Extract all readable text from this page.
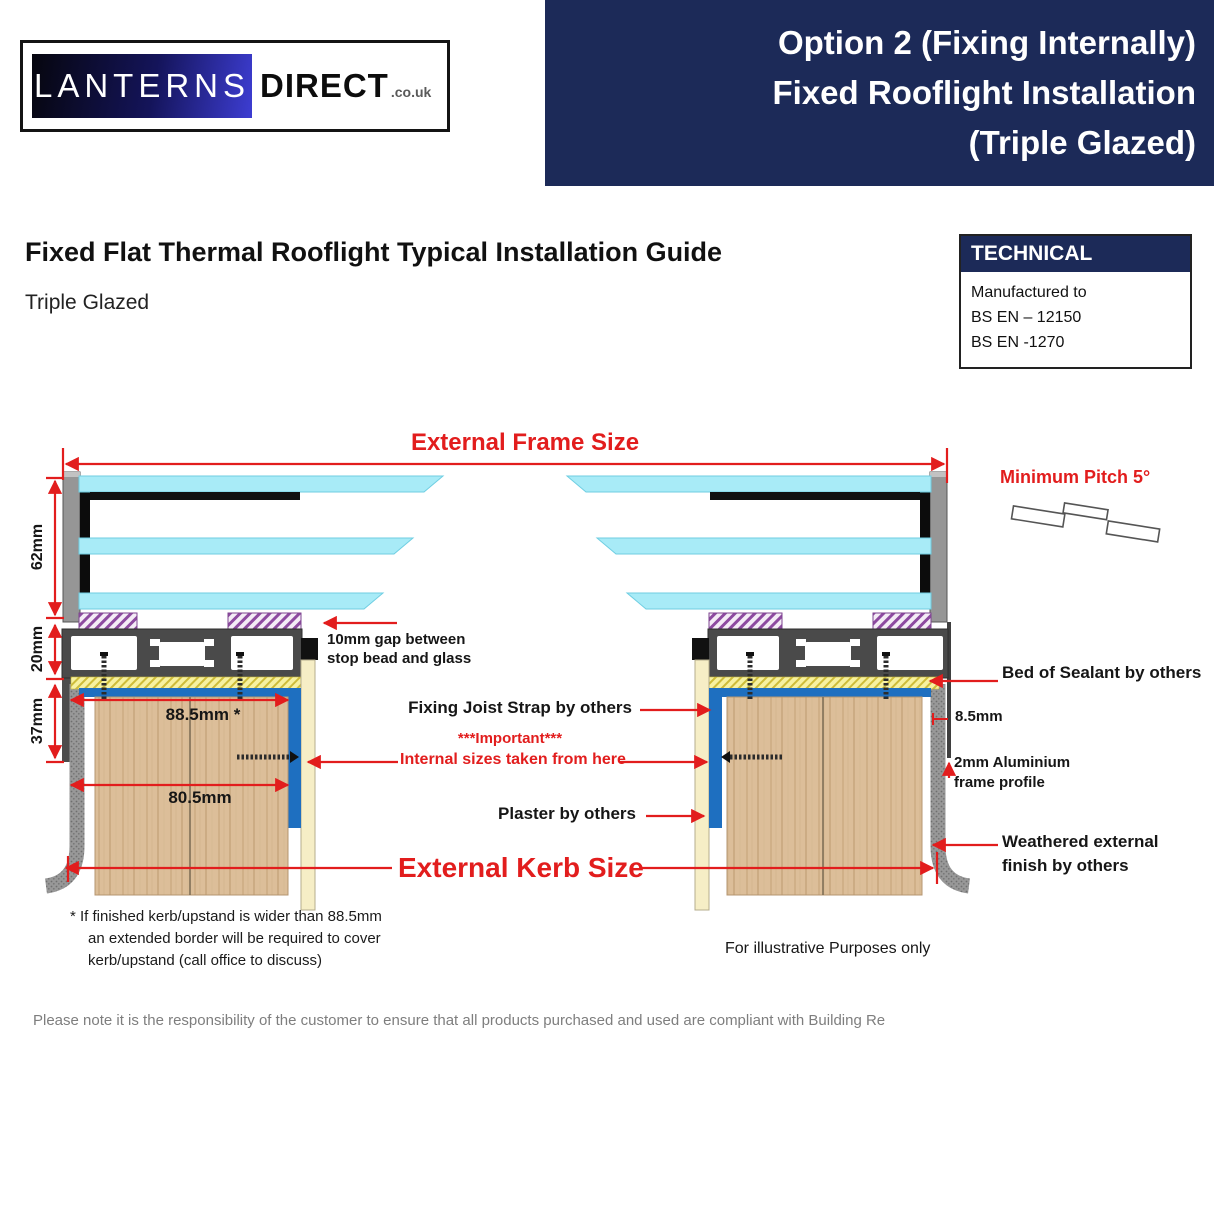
Option 2 (Fixing Internally)
Fixed Rooflight Installation
(Triple Glazed)
LANTERNS DIRECT .co.uk
Fixed Flat Thermal Rooflight Typical Installation Guide
Triple Glazed
TECHNICAL
Manufactured to
BS EN – 12150
BS EN -1270
External Frame Size
Minimum Pitch 5°
62mm
20mm
37mm	88.5mm *
80.5mm
10mm gap between
stop bead and glass
Fixing Joist Strap by others
***Important***
Internal sizes taken from here
Plaster by others
External Kerb Size
Bed of Sealant by others
8.5mm
2mm Aluminium
frame profile
Weathered external
finish by others
For illustrative Purposes only
* If finished kerb/upstand is wider than 88.5mm
an extended border will be required to cover
kerb/upstand (call office to discuss)
Please note it is the responsibility of the customer to ensure that all products purchased and used are compliant with Building Re
